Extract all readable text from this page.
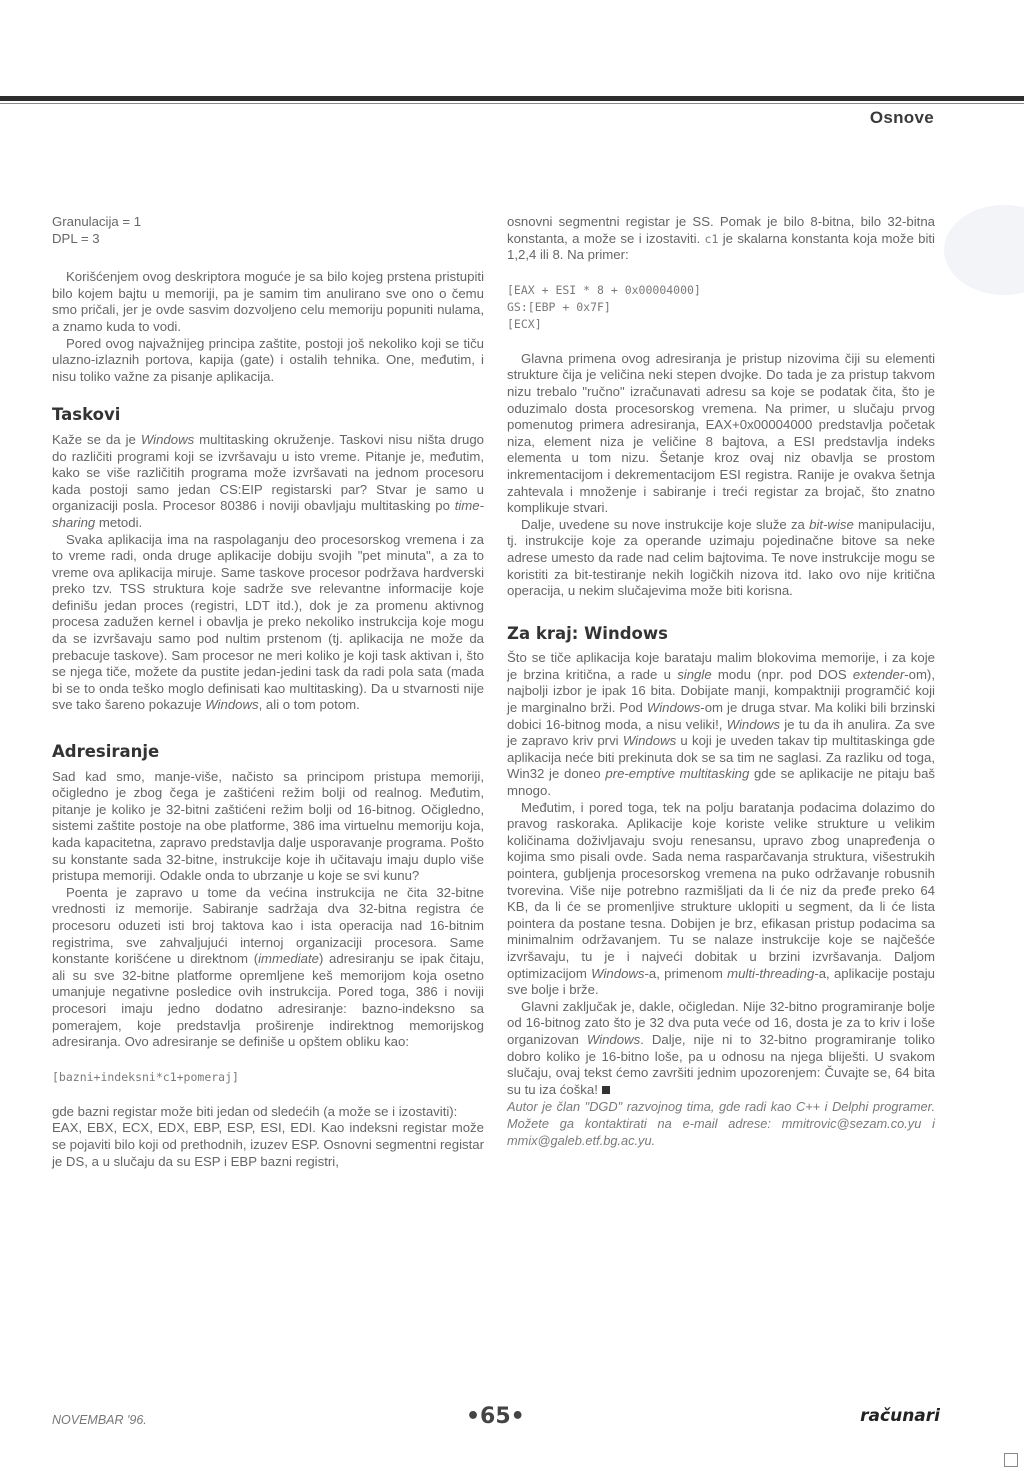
Osnove

Granulacija = 1

DPL = 3

Korišćenjem ovog deskriptora moguće je sa bilo kojeg prstena pristupiti bilo kojem bajtu u memoriji, pa je samim tim anulirano sve ono o čemu smo pričali, jer je ovde sasvim dozvoljeno celu memoriju popuniti nulama, a znamo kuda to vodi.

Pored ovog najvažnijeg principa zaštite, postoji još nekoliko koji se tiču ulazno-izlaznih portova, kapija (gate) i ostalih tehnika. One, međutim, i nisu toliko važne za pisanje aplikacija.

Taskovi

Kaže se da je Windows multitasking okruženje. Taskovi nisu ništa drugo do različiti programi koji se izvršavaju u isto vreme. Pitanje je, međutim, kako se više različitih programa može izvršavati na jednom procesoru kada postoji samo jedan CS:EIP registarski par? Stvar je samo u organizaciji posla. Procesor 80386 i noviji obavljaju multitasking po time-sharing metodi.

Svaka aplikacija ima na raspolaganju deo procesorskog vremena i za to vreme radi, onda druge aplikacije dobiju svojih "pet minuta", a za to vreme ova aplikacija miruje. Same taskove procesor podržava hardverski preko tzv. TSS struktura koje sadrže sve relevantne informacije koje definišu jedan proces (registri, LDT itd.), dok je za promenu aktivnog procesa zadužen kernel i obavlja je preko nekoliko instrukcija koje mogu da se izvršavaju samo pod nultim prstenom (tj. aplikacija ne može da prebacuje taskove). Sam procesor ne meri koliko je koji task aktivan i, što se njega tiče, možete da pustite jedan-jedini task da radi pola sata (mada bi se to onda teško moglo definisati kao multitasking). Da u stvarnosti nije sve tako šareno pokazuje Windows, ali o tom potom.

Adresiranje

Sad kad smo, manje-više, načisto sa principom pristupa memoriji, očigledno je zbog čega je zaštićeni režim bolji od realnog. Međutim, pitanje je koliko je 32-bitni zaštićeni režim bolji od 16-bitnog. Očigledno, sistemi zaštite postoje na obe platforme, 386 ima virtuelnu memoriju koja, kada kapacitetna, zapravo predstavlja dalje usporavanje programa. Pošto su konstante sada 32-bitne, instrukcije koje ih učitavaju imaju duplo više pristupa memoriji. Odakle onda to ubrzanje u koje se svi kunu?

Poenta je zapravo u tome da većina instrukcija ne čita 32-bitne vrednosti iz memorije. Sabiranje sadržaja dva 32-bitna registra će procesoru oduzeti isti broj taktova kao i ista operacija nad 16-bitnim registrima, sve zahvaljujući internoj organizaciji procesora. Same konstante korišćene u direktnom (immediate) adresiranju se ipak čitaju, ali su sve 32-bitne platforme opremljene keš memorijom koja osetno umanjuje negativne posledice ovih instrukcija. Pored toga, 386 i noviji procesori imaju jedno dodatno adresiranje: bazno-indeksno sa pomerajem, koje predstavlja proširenje indirektnog memorijskog adresiranja. Ovo adresiranje se definiše u opštem obliku kao:

[bazni+indeksni*c1+pomeraj]

gde bazni registar može biti jedan od sledećih (a može se i izostaviti):

EAX, EBX, ECX, EDX, EBP, ESP, ESI, EDI. Kao indeksni registar može se pojaviti bilo koji od prethodnih, izuzev ESP. Osnovni segmentni registar je DS, a u slučaju da su ESP i EBP bazni registri,

osnovni segmentni registar je SS. Pomak je bilo 8-bitna, bilo 32-bitna konstanta, a može se i izostaviti. c1 je skalarna konstanta koja može biti 1,2,4 ili 8. Na primer:

[EAX + ESI * 8 + 0x00004000]
GS:[EBP + 0x7F]
[ECX]

Glavna primena ovog adresiranja je pristup nizovima čiji su elementi strukture čija je veličina neki stepen dvojke. Do tada je za pristup takvom nizu trebalo "ručno" izračunavati adresu sa koje se podatak čita, što je oduzimalo dosta procesorskog vremena. Na primer, u slučaju prvog pomenutog primera adresiranja, EAX+0x00004000 predstavlja početak niza, element niza je veličine 8 bajtova, a ESI predstavlja indeks elementa u tom nizu. Šetanje kroz ovaj niz obavlja se prostom inkrementacijom i dekrementacijom ESI registra. Ranije je ovakva šetnja zahtevala i množenje i sabiranje i treći registar za brojač, što znatno komplikuje stvari.

Dalje, uvedene su nove instrukcije koje služe za bit-wise manipulaciju, tj. instrukcije koje za operande uzimaju pojedinačne bitove sa neke adrese umesto da rade nad celim bajtovima. Te nove instrukcije mogu se koristiti za bit-testiranje nekih logičkih nizova itd. Iako ovo nije kritična operacija, u nekim slučajevima može biti korisna.

Za kraj: Windows

Što se tiče aplikacija koje barataju malim blokovima memorije, i za koje je brzina kritična, a rade u single modu (npr. pod DOS extender-om), najbolji izbor je ipak 16 bita. Dobijate manji, kompaktniji programčić koji je marginalno brži. Pod Windows-om je druga stvar. Ma koliki bili brzinski dobici 16-bitnog moda, a nisu veliki!, Windows je tu da ih anulira. Za sve je zapravo kriv prvi Windows u koji je uveden takav tip multitaskinga gde aplikacija neće biti prekinuta dok se sa tim ne saglasi. Za razliku od toga, Win32 je doneo pre-emptive multitasking gde se aplikacije ne pitaju baš mnogo.

Međutim, i pored toga, tek na polju baratanja podacima dolazimo do pravog raskoraka. Aplikacije koje koriste velike strukture u velikim količinama doživljavaju svoju renesansu, upravo zbog unapređenja o kojima smo pisali ovde. Sada nema rasparčavanja struktura, višestrukih pointera, gubljenja procesorskog vremena na puko održavanje robusnih tvorevina. Više nije potrebno razmišljati da li će niz da pređe preko 64 KB, da li će se promenljive strukture uklopiti u segment, da li će lista pointera da postane tesna. Dobijen je brz, efikasan pristup podacima sa minimalnim održavanjem. Tu se nalaze instrukcije koje se najčešće izvršavaju, tu je i najveći dobitak u brzini izvršavanja. Daljom optimizacijom Windows-a, primenom multi-threading-a, aplikacije postaju sve bolje i brže.

Glavni zaključak je, dakle, očigledan. Nije 32-bitno programiranje bolje od 16-bitnog zato što je 32 dva puta veće od 16, dosta je za to kriv i loše organizovan Windows. Dalje, nije ni to 32-bitno programiranje toliko dobro koliko je 16-bitno loše, pa u odnosu na njega bliješti. U svakom slučaju, ovaj tekst ćemo završiti jednim upozorenjem: Čuvajte se, 64 bita su tu iza ćoška!

Autor je član "DGD" razvojnog tima, gde radi kao C++ i Delphi programer. Možete ga kontaktirati na e-mail adrese: mmitrovic@sezam.co.yu i mmix@galeb.etf.bg.ac.yu.

NOVEMBAR '96.	•65•	računari
